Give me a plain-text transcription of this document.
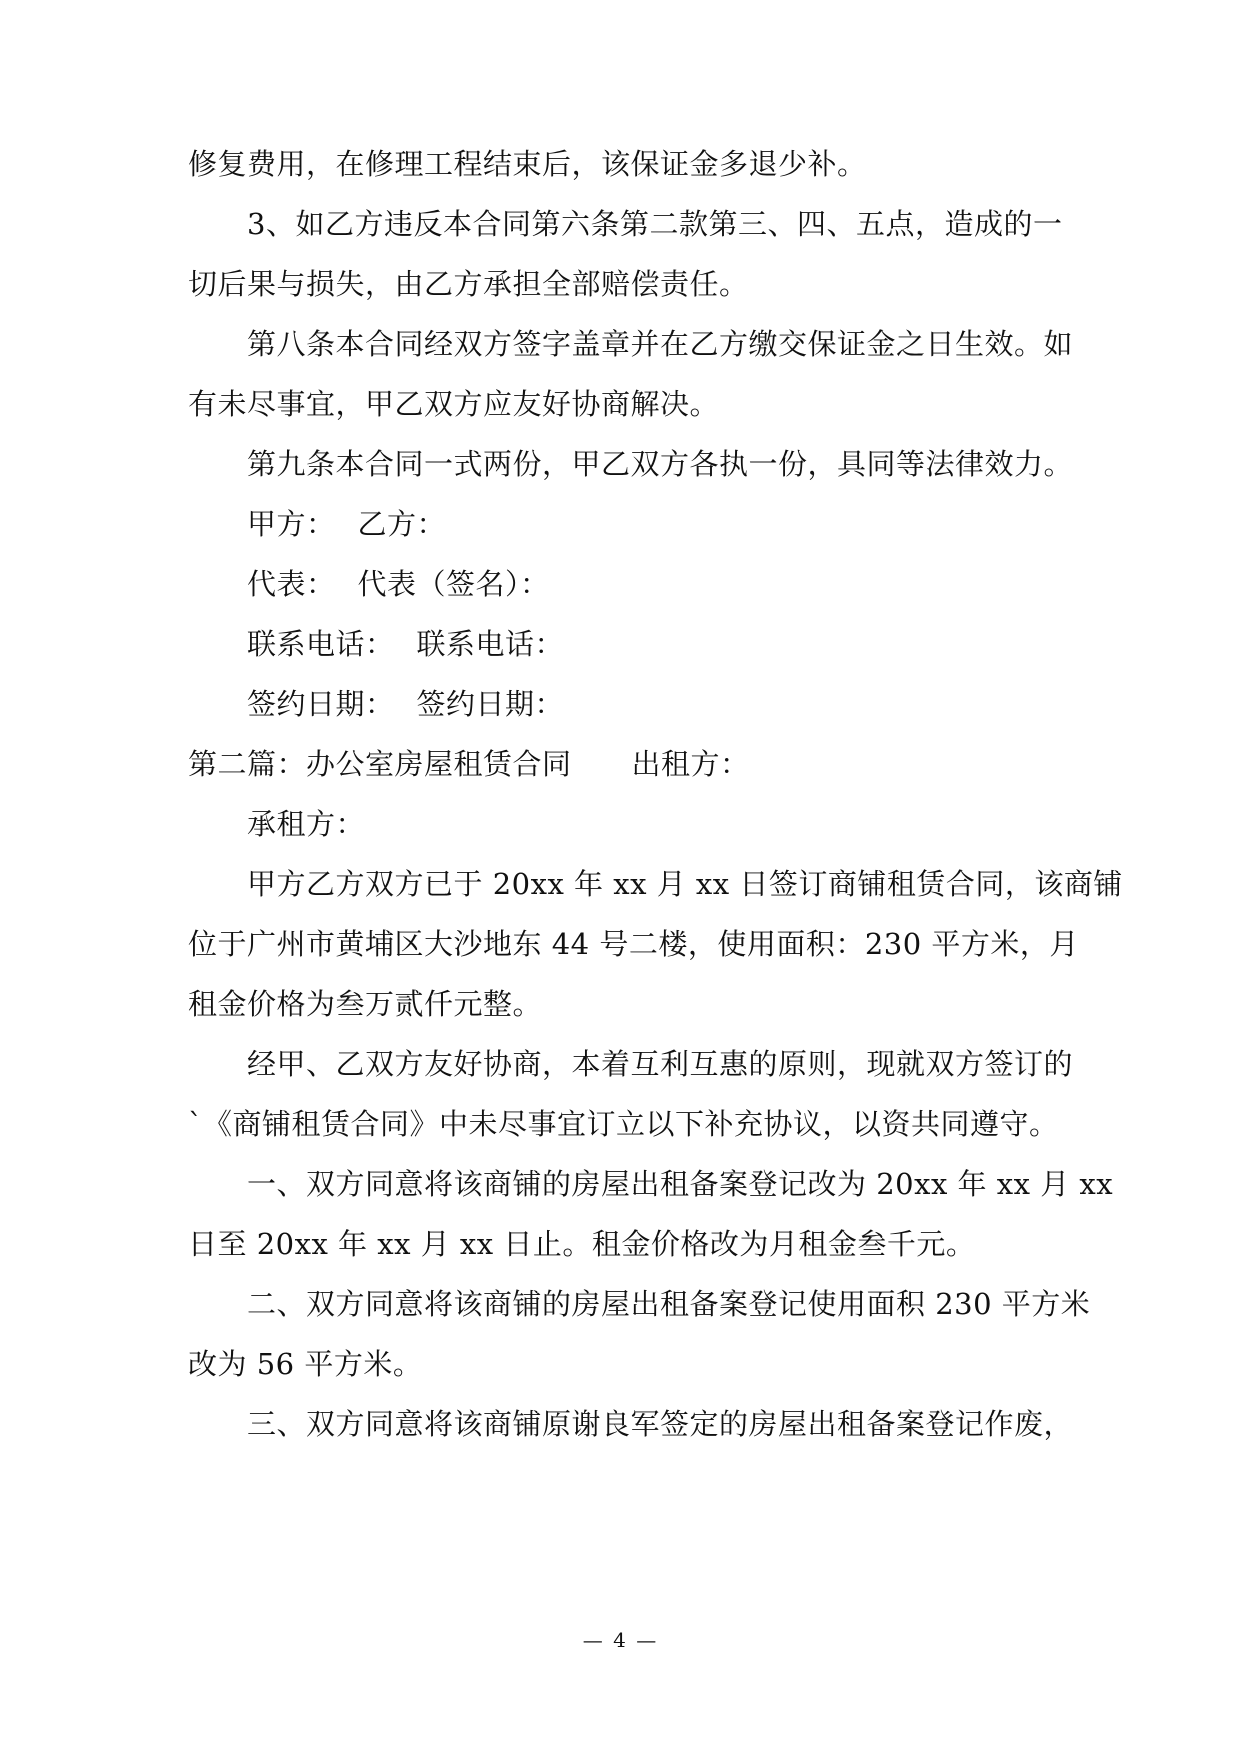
修复费用，在修理工程结束后，该保证金多退少补。
3、如乙方违反本合同第六条第二款第三、四、五点，造成的一
切后果与损失，由乙方承担全部赔偿责任。
第八条本合同经双方签字盖章并在乙方缴交保证金之日生效。如
有未尽事宜，甲乙双方应友好协商解决。
第九条本合同一式两份，甲乙双方各执一份，具同等法律效力。
甲方： 乙方：
代表： 代表（签名）：
联系电话： 联系电话：
签约日期： 签约日期：
第二篇：办公室房屋租赁合同 出租方：
承租方：
甲方乙方双方已于 20xx 年 xx 月 xx 日签订商铺租赁合同，该商铺
位于广州市黄埔区大沙地东 44 号二楼，使用面积：230 平方米，月
租金价格为叁万贰仟元整。
经甲、乙双方友好协商，本着互利互惠的原则，现就双方签订的
`《商铺租赁合同》中未尽事宜订立以下补充协议，以资共同遵守。
一、双方同意将该商铺的房屋出租备案登记改为 20xx 年 xx 月 xx
日至 20xx 年 xx 月 xx 日止。租金价格改为月租金叁千元。
二、双方同意将该商铺的房屋出租备案登记使用面积 230 平方米
改为 56 平方米。
三、双方同意将该商铺原谢良军签定的房屋出租备案登记作废，
— 4 —
